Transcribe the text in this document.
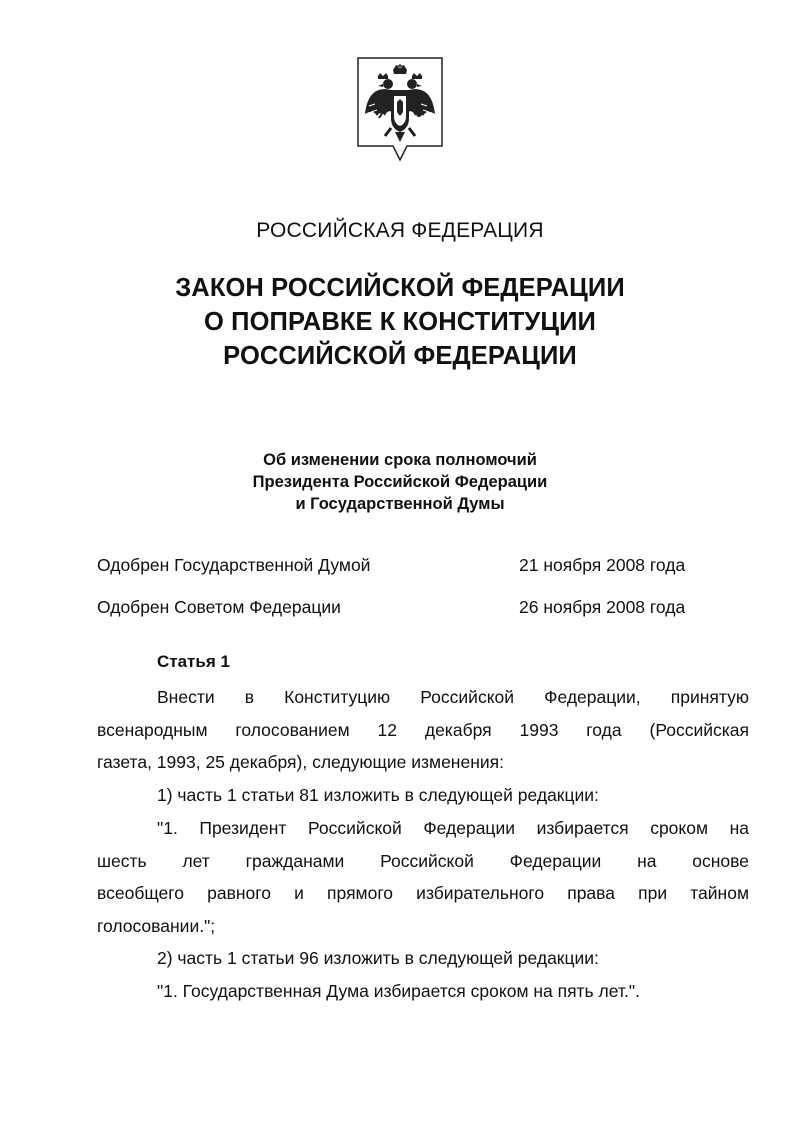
РОССИЙСКАЯ ФЕДЕРАЦИЯ
ЗАКОН РОССИЙСКОЙ ФЕДЕРАЦИИ
О ПОПРАВКЕ К КОНСТИТУЦИИ
РОССИЙСКОЙ ФЕДЕРАЦИИ
Об изменении срока полномочий
Президента Российской Федерации
и Государственной Думы
Одобрен Государственной Думой	21 ноября 2008 года
Одобрен Советом Федерации	26 ноября 2008 года
Статья 1
Внести в Конституцию Российской Федерации, принятую
всенародным голосованием 12 декабря 1993 года (Российская
газета, 1993, 25 декабря), следующие изменения:
1) часть 1 статьи 81 изложить в следующей редакции:
"1. Президент Российской Федерации избирается сроком на
шесть лет гражданами Российской Федерации на основе
всеобщего равного и прямого избирательного права при тайном
голосовании.";
2) часть 1 статьи 96 изложить в следующей редакции:
"1. Государственная Дума избирается сроком на пять лет.".
